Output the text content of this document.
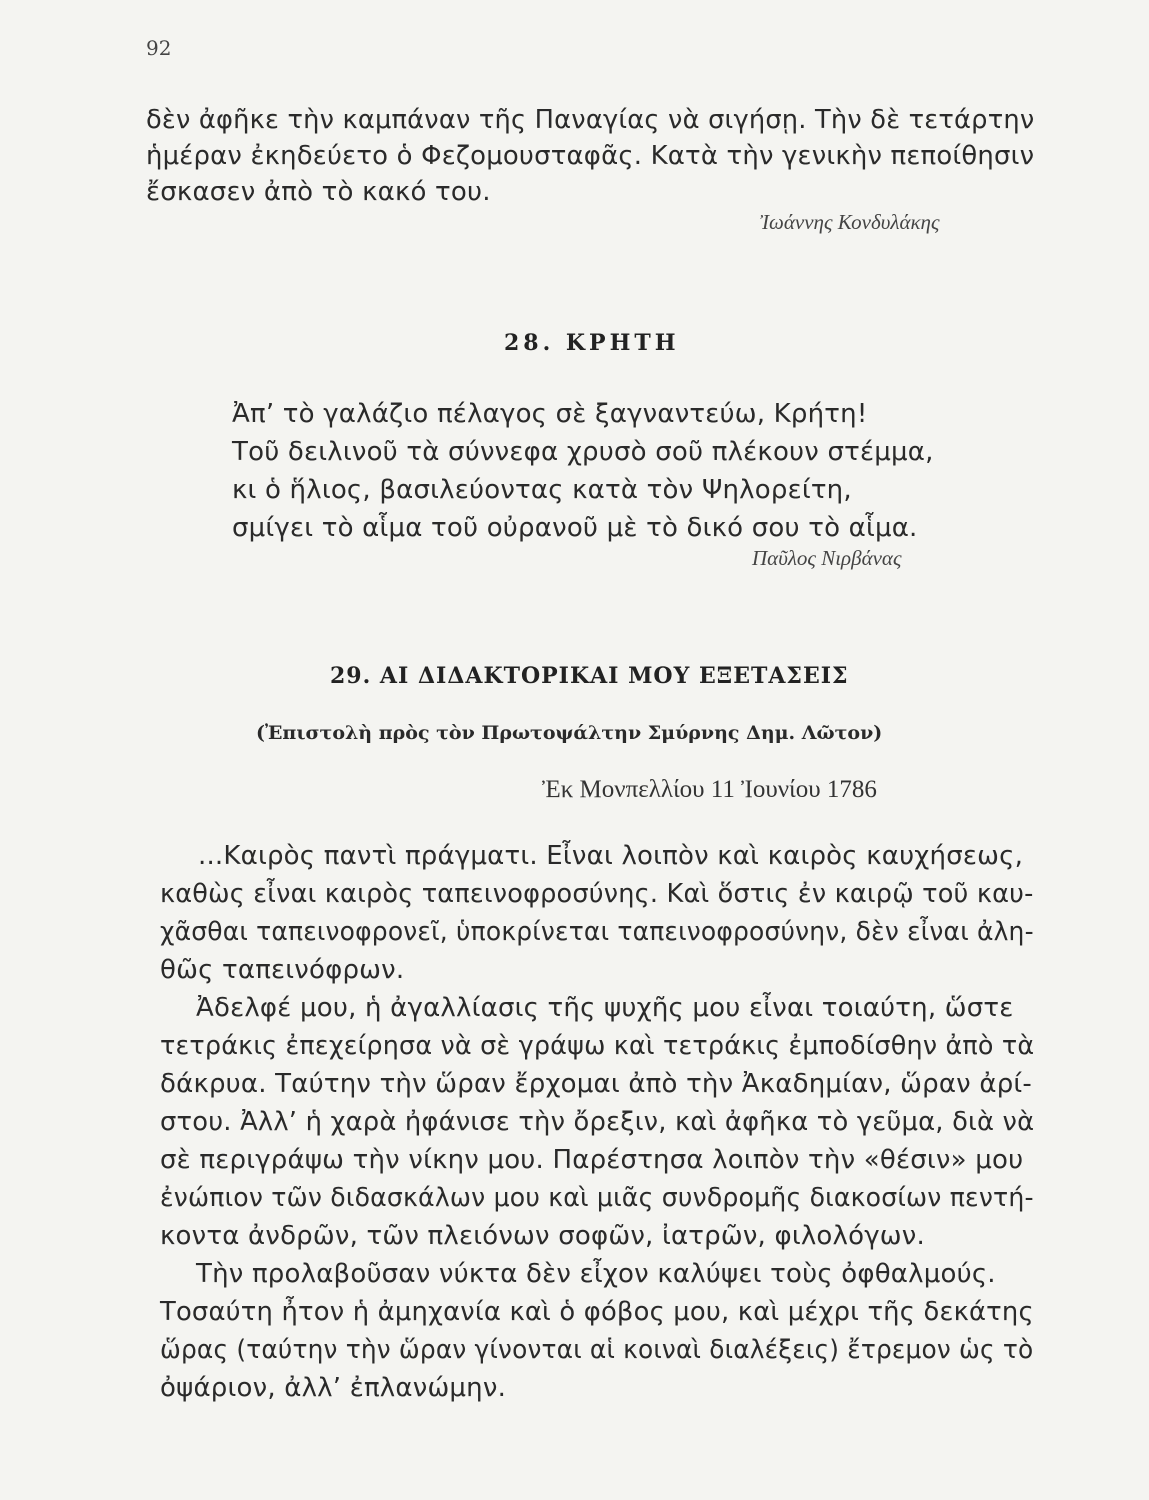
92
δὲν ἀφῆκε τὴν καμπάναν τῆς Παναγίας νὰ σιγήσῃ. Τὴν δὲ τετάρτην
ἡμέραν ἐκηδεύετο ὁ Φεζομουσταφᾶς. Κατὰ τὴν γενικὴν πεποίθησιν
ἔσκασεν ἀπὸ τὸ κακό του.
Ἰωάννης Κονδυλάκης
28. ΚΡΗΤΗ
Ἀπ’ τὸ γαλάζιο πέλαγος σὲ ξαγναντεύω, Κρήτη!
Τοῦ δειλινοῦ τὰ σύννεφα χρυσὸ σοῦ πλέκουν στέμμα,
κι ὁ ἥλιος, βασιλεύοντας κατὰ τὸν Ψηλορείτη,
σμίγει τὸ αἷμα τοῦ οὐρανοῦ μὲ τὸ δικό σου τὸ αἷμα.
Παῦλος Νιρβάνας
29. ΑΙ ΔΙΔΑΚΤΟΡΙΚΑΙ ΜΟΥ ΕΞΕΤΑΣΕΙΣ
(Ἐπιστολὴ πρὸς τὸν Πρωτοψάλτην Σμύρνης Δημ. Λῶτον)
Ἐκ Μονπελλίου 11 Ἰουνίου 1786
...Καιρὸς παντὶ πράγματι. Εἶναι λοιπὸν καὶ καιρὸς καυχήσεως,
καθὼς εἶναι καιρὸς ταπεινοφροσύνης. Καὶ ὅστις ἐν καιρῷ τοῦ καυ-
χᾶσθαι ταπεινοφρονεῖ, ὑποκρίνεται ταπεινοφροσύνην, δὲν εἶναι ἀλη-
θῶς ταπεινόφρων.
Ἀδελφέ μου, ἡ ἀγαλλίασις τῆς ψυχῆς μου εἶναι τοιαύτη, ὥστε
τετράκις ἐπεχείρησα νὰ σὲ γράψω καὶ τετράκις ἐμποδίσθην ἀπὸ τὰ
δάκρυα. Ταύτην τὴν ὥραν ἔρχομαι ἀπὸ τὴν Ἀκαδημίαν, ὥραν ἀρί-
στου. Ἀλλ’ ἡ χαρὰ ἠφάνισε τὴν ὄρεξιν, καὶ ἀφῆκα τὸ γεῦμα, διὰ νὰ
σὲ περιγράψω τὴν νίκην μου. Παρέστησα λοιπὸν τὴν «θέσιν» μου
ἐνώπιον τῶν διδασκάλων μου καὶ μιᾶς συνδρομῆς διακοσίων πεντή-
κοντα ἀνδρῶν, τῶν πλειόνων σοφῶν, ἰατρῶν, φιλολόγων.
Τὴν προλαβοῦσαν νύκτα δὲν εἶχον καλύψει τοὺς ὀφθαλμούς.
Τοσαύτη ἦτον ἡ ἀμηχανία καὶ ὁ φόβος μου, καὶ μέχρι τῆς δεκάτης
ὥρας (ταύτην τὴν ὥραν γίνονται αἱ κοιναὶ διαλέξεις) ἔτρεμον ὡς τὸ
ὀψάριον, ἀλλ’ ἐπλανώμην.
